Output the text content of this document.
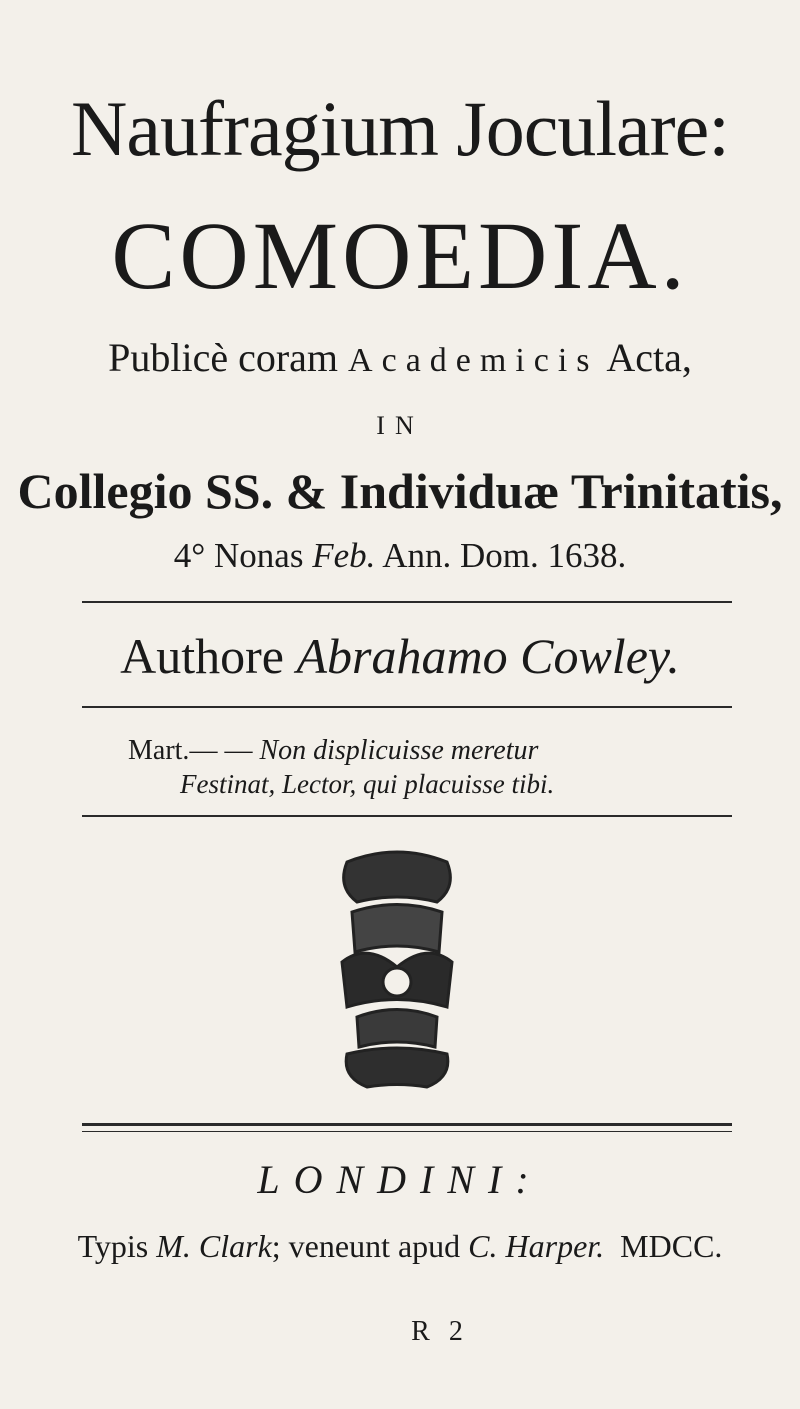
Naufragium Joculare:
COMOEDIA.
Publicè coram Academicis Acta,
IN
Collegio SS. & Individuæ Trinitatis,
4° Nonas Feb. Ann. Dom. 1638.
Authore Abrahamo Cowley.
Mart.— — Non displicuisse meretur
Festinat, Lector, qui placuisse tibi.
LONDINI:
Typis M. Clark; veneunt apud C. Harper. MDCC.
R 2
